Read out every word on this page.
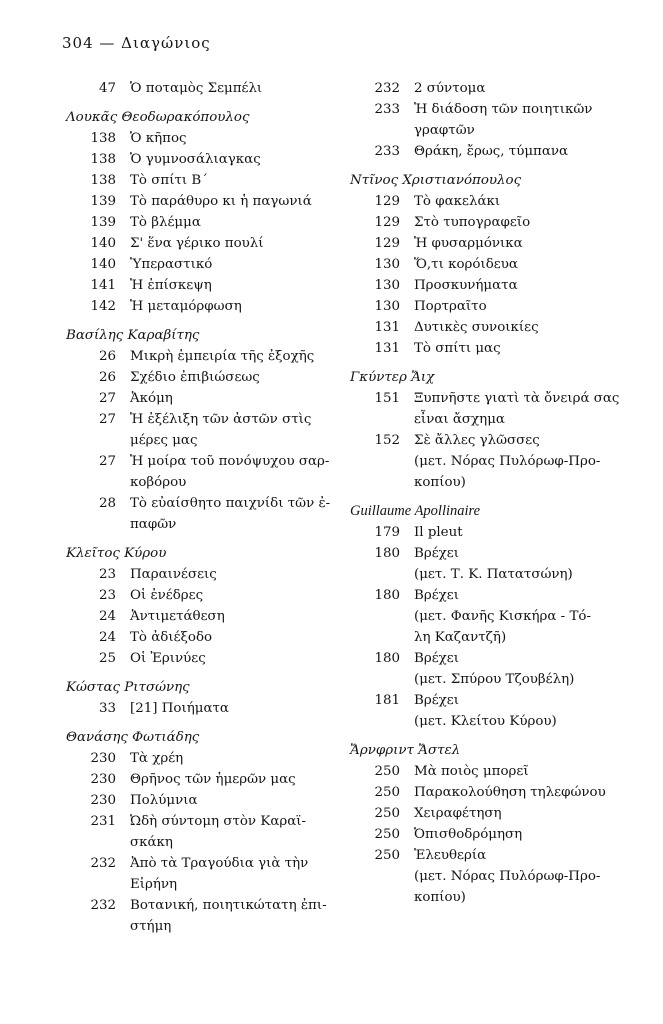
304 — Διαγώνιος
47 Ὁ ποταμὸς Σεμπέλι
Λουκᾶς Θεοδωρακόπουλος
138 Ὁ κῆπος
138 Ὁ γυμνοσάλιαγκας
138 Τὸ σπίτι Β΄
139 Τὸ παράθυρο κι ἡ παγωνιά
139 Τὸ βλέμμα
140 Σ' ἕνα γέρικο πουλί
140 Ὑπεραστικό
141 Ἡ ἐπίσκεψη
142 Ἡ μεταμόρφωση
Βασίλης Καραβίτης
26 Μικρὴ ἐμπειρία τῆς ἐξοχῆς
26 Σχέδιο ἐπιβιώσεως
27 Ἀκόμη
27 Ἡ ἐξέλιξη τῶν ἀστῶν στὶς
μέρες μας
27 Ἡ μοίρα τοῦ πονόψυχου σαρ-
κοβόρου
28 Τὸ εὐαίσθητο παιχνίδι τῶν ἐ-
παφῶν
Κλεῖτος Κύρου
23 Παραινέσεις
23 Οἱ ἐνέδρες
24 Ἀντιμετάθεση
24 Τὸ ἀδιέξοδο
25 Οἱ Ἐρινύες
Κώστας Ριτσώνης
33 [21] Ποιήματα
Θανάσης Φωτιάδης
230 Τὰ χρέη
230 Θρῆνος τῶν ἡμερῶν μας
230 Πολύμνια
231 Ὠδὴ σύντομη στὸν Καραϊ-
σκάκη
232 Ἀπὸ τὰ Τραγούδια γιὰ τὴν
Εἰρήνη
232 Βοτανική, ποιητικώτατη ἐπι-
στήμη
232 2 σύντομα
233 Ἡ διάδοση τῶν ποιητικῶν
γραφτῶν
233 Θράκη, ἔρως, τύμπανα
Ντῖνος Χριστιανόπουλος
129 Τὸ φακελάκι
129 Στὸ τυπογραφεῖο
129 Ἡ φυσαρμόνικα
130 Ὅ,τι κορόιδευα
130 Προσκυνήματα
130 Πορτραῖτο
131 Δυτικὲς συνοικίες
131 Τὸ σπίτι μας
Γκύντερ Ἄιχ
151 Ξυπνῆστε γιατὶ τὰ ὄνειρά σας
εἶναι ἄσχημα
152 Σὲ ἄλλες γλῶσσες
(μετ. Νόρας Πυλόρωφ-Προ-
κοπίου)
Guillaume Apollinaire
179 Il pleut
180 Βρέχει
(μετ. Τ. Κ. Πατατσώνη)
180 Βρέχει
(μετ. Φανῆς Κισκήρα - Τό-
λη Καζαντζῆ)
180 Βρέχει
(μετ. Σπύρου Τζουβέλη)
181 Βρέχει
(μετ. Κλείτου Κύρου)
Ἄρνφριντ Ἄστελ
250 Μὰ ποιὸς μπορεῖ
250 Παρακολούθηση τηλεφώνου
250 Χειραφέτηση
250 Ὀπισθοδρόμηση
250 Ἐλευθερία
(μετ. Νόρας Πυλόρωφ-Προ-
κοπίου)
